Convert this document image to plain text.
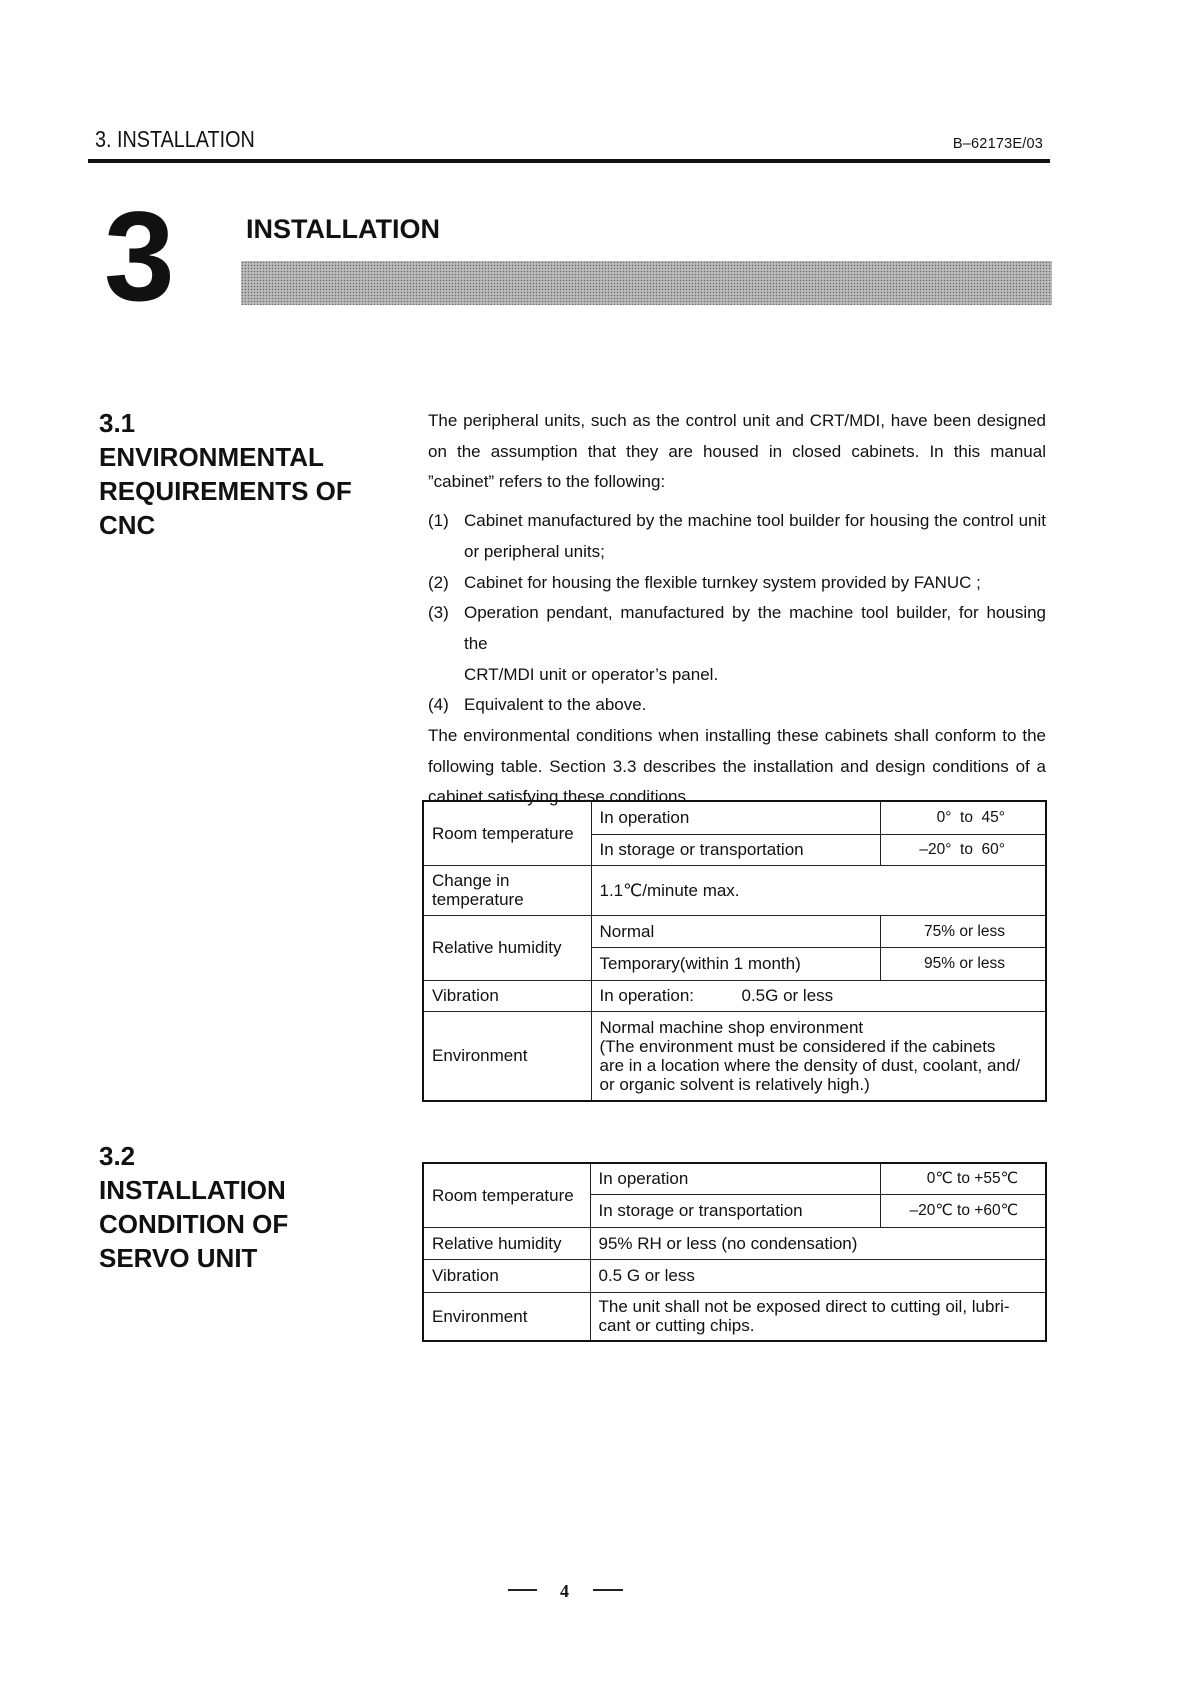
3. INSTALLATION	B–62173E/03
3	INSTALLATION
3.1
ENVIRONMENTAL
REQUIREMENTS OF
CNC
The peripheral units, such as the control unit and CRT/MDI, have been designed
on the assumption that they are housed in closed cabinets. In this manual
”cabinet” refers to the following:
(1) Cabinet manufactured by the machine tool builder for housing the control unit
or peripheral units;
(2) Cabinet for housing the flexible turnkey system provided by FANUC ;
(3) Operation pendant, manufactured by the machine tool builder, for housing the
CRT/MDI unit or operator’s panel.
(4) Equivalent to the above.
The environmental conditions when installing these cabinets shall conform to the
following table. Section 3.3 describes the installation and design conditions of a
cabinet satisfying these conditions.
Room temperature	In operation	0°  to  45°
	In storage or transportation	–20°  to  60°

Change in
temperature	1.1℃/minute max.	
Relative humidity	Normal	75% or less
	Temporary(within 1 month)	95% or less
Vibration	In operation: 0.5G or less	
Environment	Normal machine shop environment
(The environment must be considered if the cabinets
are in a location where the density of dust, coolant, and/
or organic solvent is relatively high.)	
3.2
INSTALLATION
CONDITION OF
SERVO UNIT
Room temperature	In operation	0℃ to +55℃
	In storage or transportation	–20℃ to +60℃
Relative humidity	95% RH or less (no condensation)	
Vibration	0.5 G or less	
Environment	The unit shall not be exposed direct to cutting oil, lubri-
cant or cutting chips.	
4
